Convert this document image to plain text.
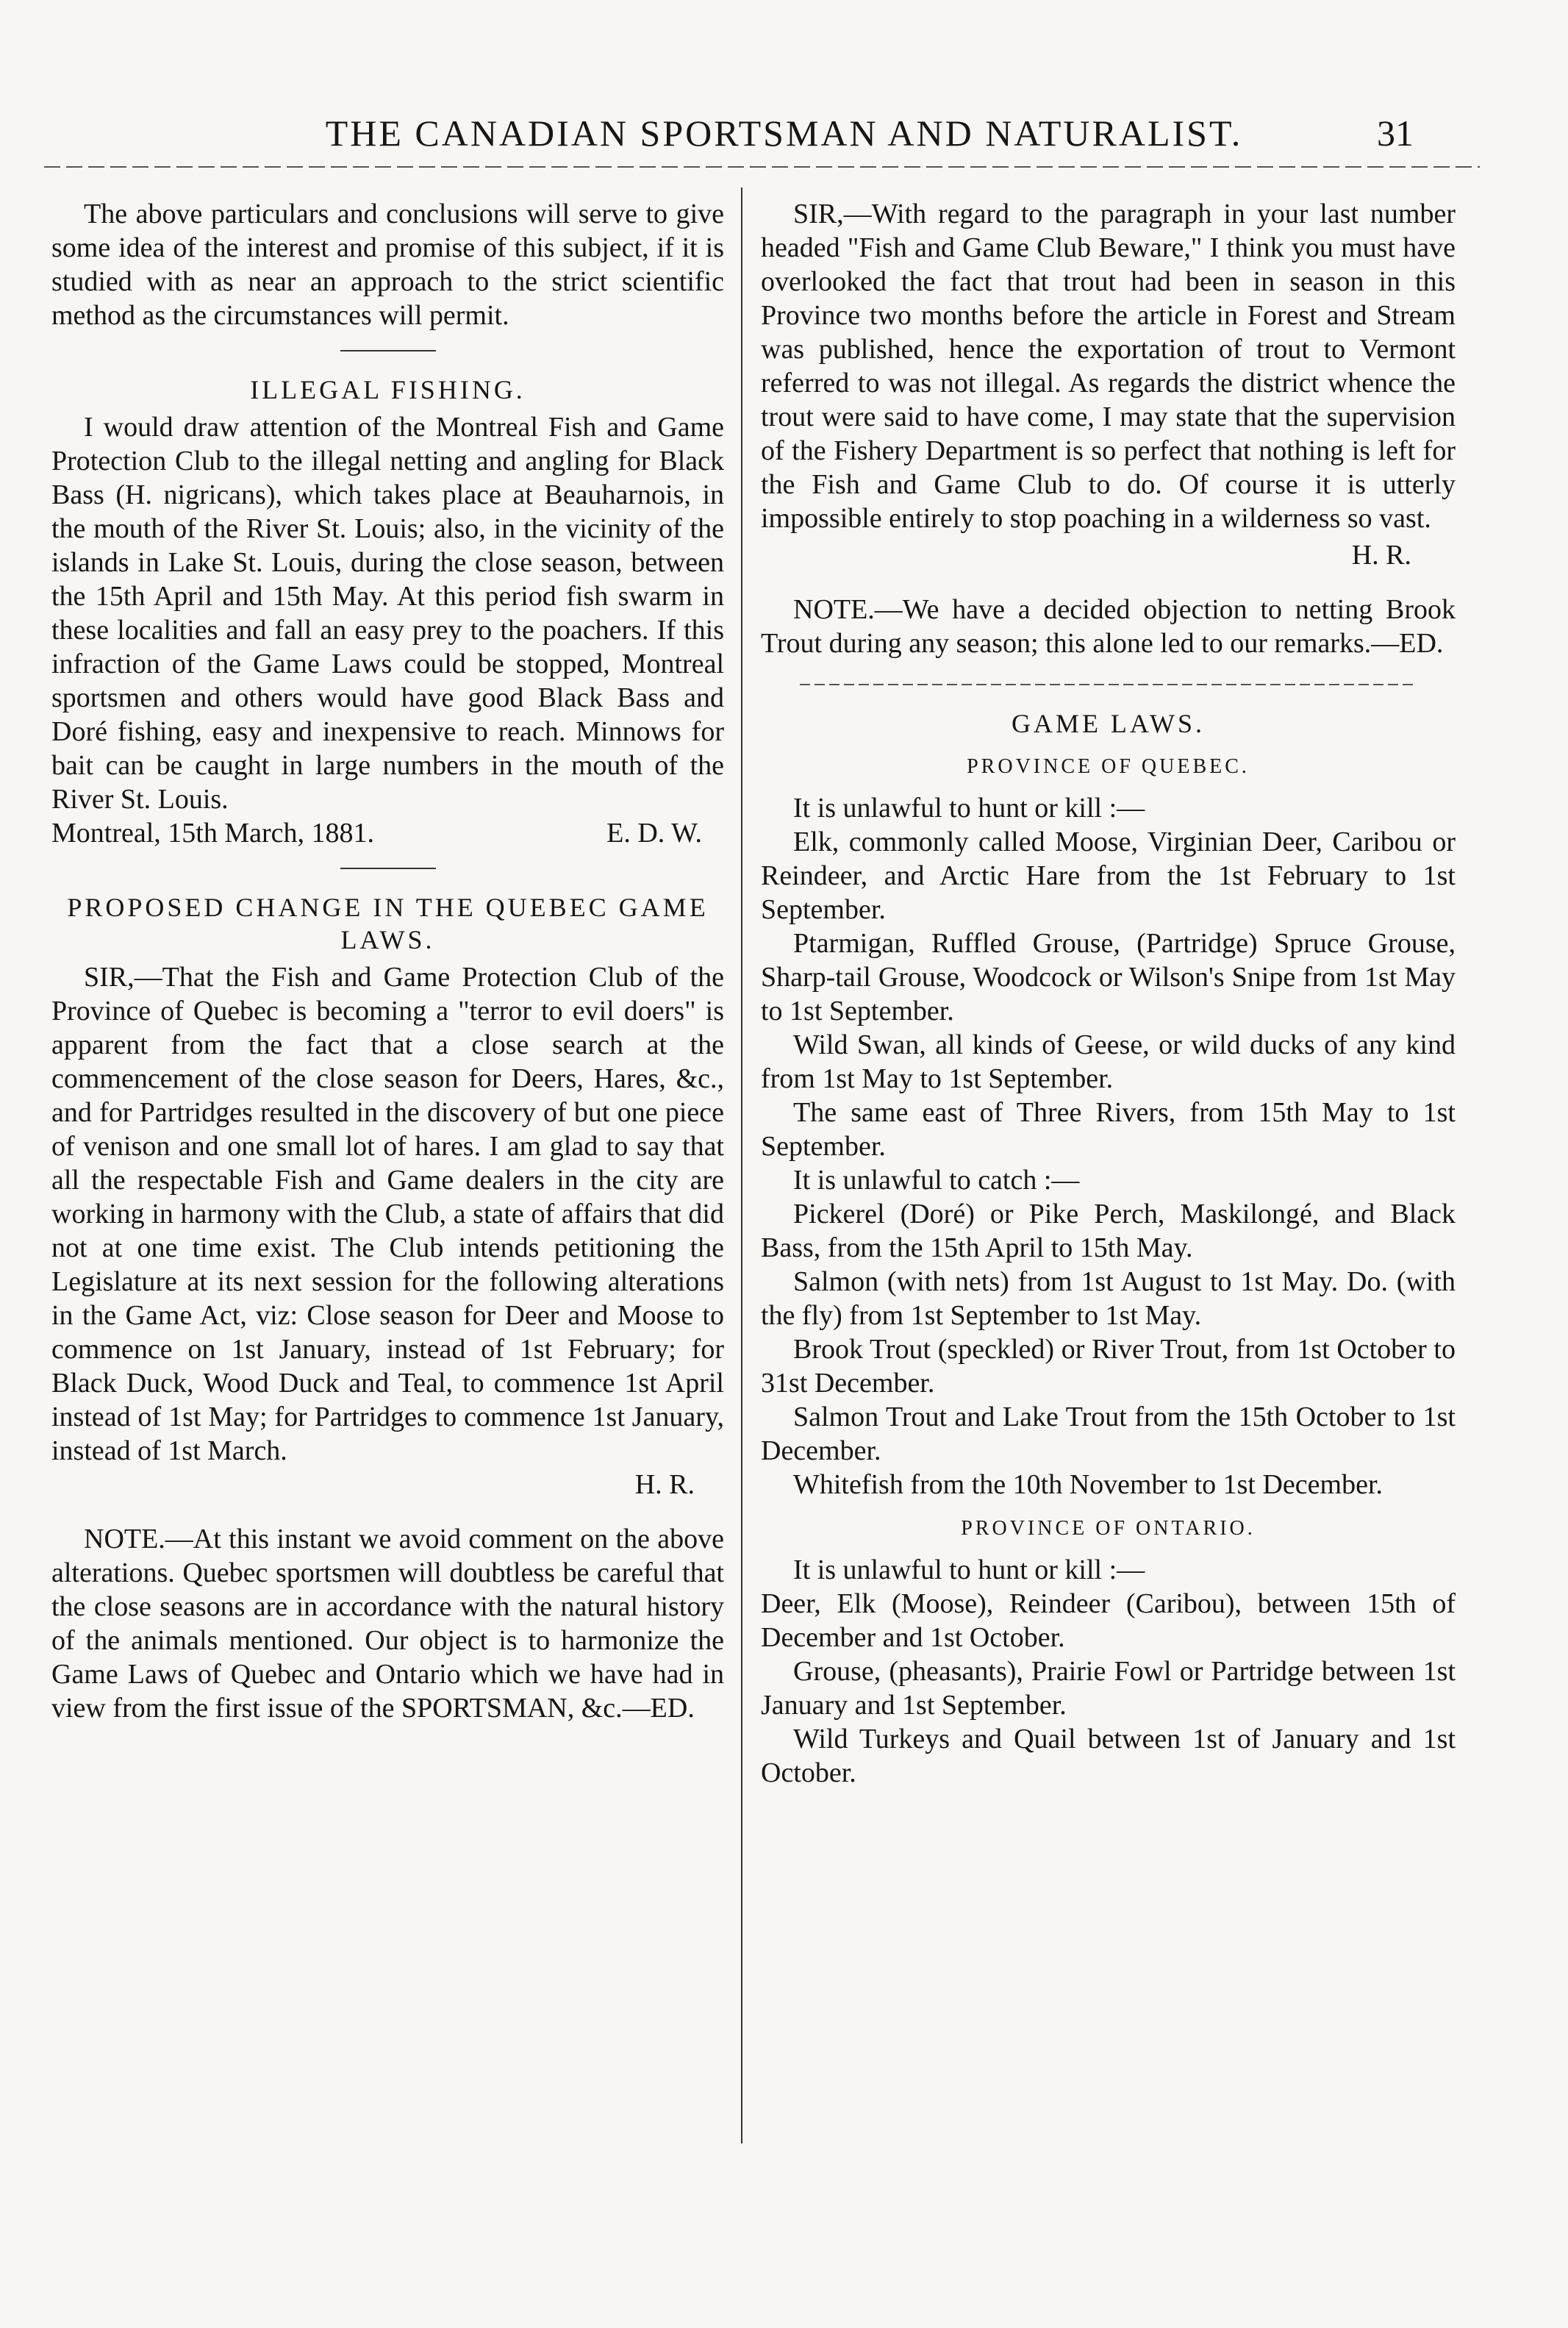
THE CANADIAN SPORTSMAN AND NATURALIST.	31

The above particulars and conclusions will serve to give some idea of the interest and promise of this subject, if it is studied with as near an approach to the strict scientific method as the circumstances will permit.

ILLEGAL FISHING.

I would draw attention of the Montreal Fish and Game Protection Club to the illegal netting and angling for Black Bass (H. nigricans), which takes place at Beauharnois, in the mouth of the River St. Louis; also, in the vicinity of the islands in Lake St. Louis, during the close season, between the 15th April and 15th May. At this period fish swarm in these localities and fall an easy prey to the poachers. If this infraction of the Game Laws could be stopped, Montreal sportsmen and others would have good Black Bass and Doré fishing, easy and inexpensive to reach. Minnows for bait can be caught in large numbers in the mouth of the River St. Louis.

Montreal, 15th March, 1881.	E. D. W.

PROPOSED CHANGE IN THE QUEBEC GAME LAWS.

SIR,—That the Fish and Game Protection Club of the Province of Quebec is becoming a "terror to evil doers" is apparent from the fact that a close search at the commencement of the close season for Deers, Hares, &c., and for Partridges resulted in the discovery of but one piece of venison and one small lot of hares. I am glad to say that all the respectable Fish and Game dealers in the city are working in harmony with the Club, a state of affairs that did not at one time exist. The Club intends petitioning the Legislature at its next session for the following alterations in the Game Act, viz: Close season for Deer and Moose to commence on 1st January, instead of 1st February; for Black Duck, Wood Duck and Teal, to commence 1st April instead of 1st May; for Partridges to commence 1st January, instead of 1st March.

H. R.

NOTE.—At this instant we avoid comment on the above alterations. Quebec sportsmen will doubtless be careful that the close seasons are in accordance with the natural history of the animals mentioned. Our object is to harmonize the Game Laws of Quebec and Ontario which we have had in view from the first issue of the SPORTSMAN, &c.—ED.

SIR,—With regard to the paragraph in your last number headed "Fish and Game Club Beware," I think you must have overlooked the fact that trout had been in season in this Province two months before the article in Forest and Stream was published, hence the exportation of trout to Vermont referred to was not illegal. As regards the district whence the trout were said to have come, I may state that the supervision of the Fishery Department is so perfect that nothing is left for the Fish and Game Club to do. Of course it is utterly impossible entirely to stop poaching in a wilderness so vast.

H. R.

NOTE.—We have a decided objection to netting Brook Trout during any season; this alone led to our remarks.—ED.

GAME LAWS.
PROVINCE OF QUEBEC.

It is unlawful to hunt or kill :—

Elk, commonly called Moose, Virginian Deer, Caribou or Reindeer, and Arctic Hare from the 1st February to 1st September.

Ptarmigan, Ruffled Grouse, (Partridge) Spruce Grouse, Sharp-tail Grouse, Woodcock or Wilson's Snipe from 1st May to 1st September.

Wild Swan, all kinds of Geese, or wild ducks of any kind from 1st May to 1st September.

The same east of Three Rivers, from 15th May to 1st September.

It is unlawful to catch :—

Pickerel (Doré) or Pike Perch, Maskilongé, and Black Bass, from the 15th April to 15th May.

Salmon (with nets) from 1st August to 1st May. Do. (with the fly) from 1st September to 1st May.

Brook Trout (speckled) or River Trout, from 1st October to 31st December.

Salmon Trout and Lake Trout from the 15th October to 1st December.

Whitefish from the 10th November to 1st December.

PROVINCE OF ONTARIO.

It is unlawful to hunt or kill :—

Deer, Elk (Moose), Reindeer (Caribou), between 15th of December and 1st October.

Grouse, (pheasants), Prairie Fowl or Partridge between 1st January and 1st September.

Wild Turkeys and Quail between 1st of January and 1st October.
